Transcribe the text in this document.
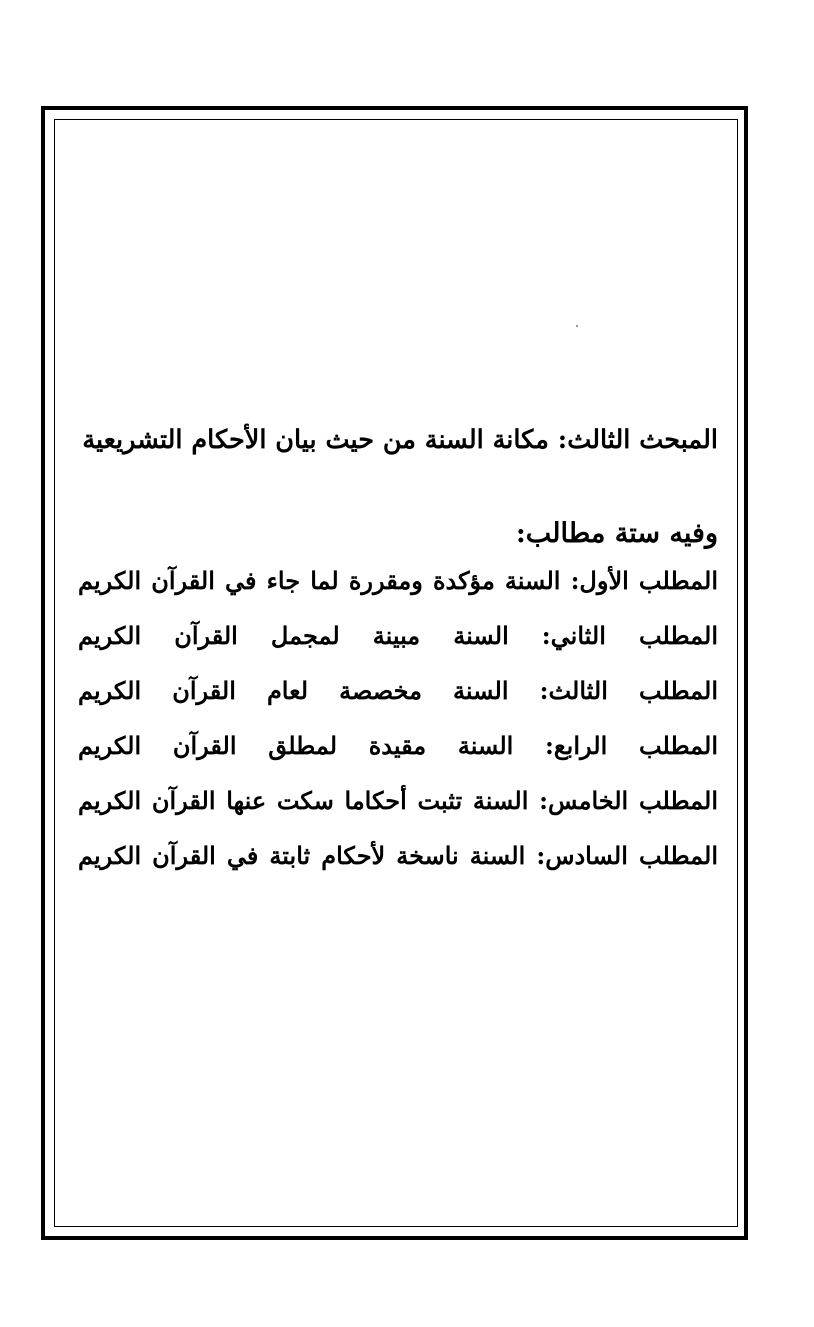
المبحث الثالث: مكانة السنة من حيث بيان الأحكام التشريعية

وفيه ستة مطالب:

المطلب الأول: السنة مؤكدة ومقررة لما جاء في القرآن الكريم
المطلب الثاني: السنة مبينة لمجمل القرآن الكريم
المطلب الثالث: السنة مخصصة لعام القرآن الكريم
المطلب الرابع: السنة مقيدة لمطلق القرآن الكريم
المطلب الخامس: السنة تثبت أحكاما سكت عنها القرآن الكريم
المطلب السادس: السنة ناسخة لأحكام ثابتة في القرآن الكريم
